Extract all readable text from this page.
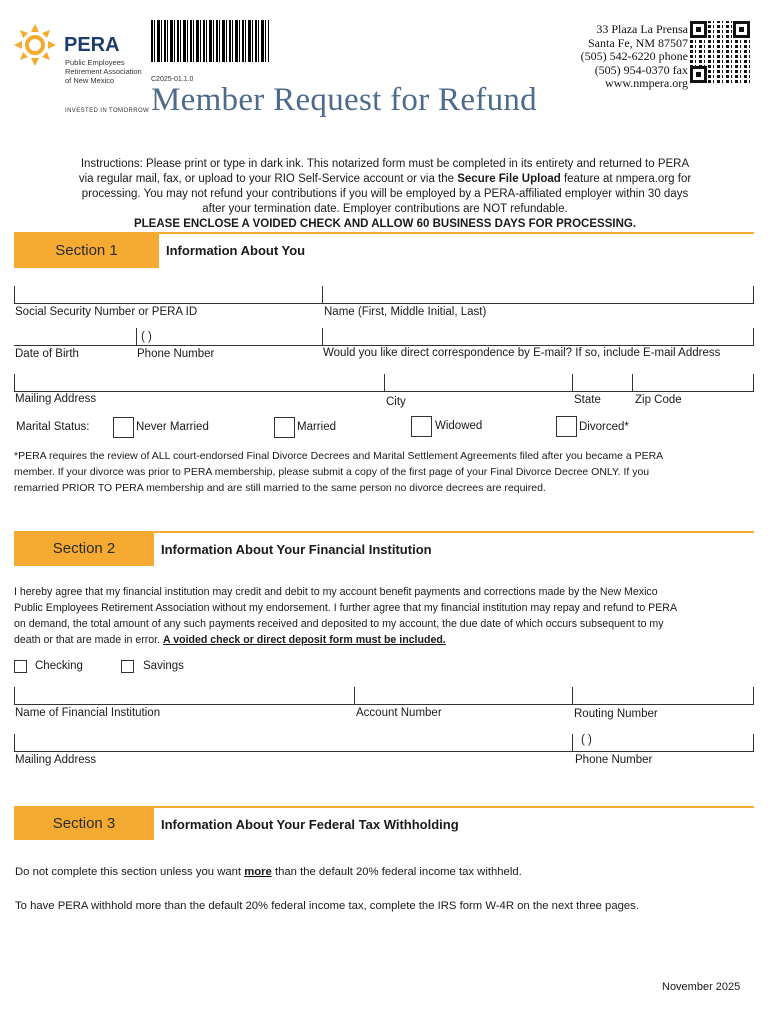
PERA
Public Employees
Retirement Association
of New Mexico
INVESTED IN TOMORROW
C2025-01.1.0
Member Request for Refund
33 Plaza La Prensa
Santa Fe, NM 87507
(505) 542-6220 phone
(505) 954-0370 fax
www.nmpera.org
Instructions: Please print or type in dark ink. This notarized form must be completed in its entirety and returned to PERA
via regular mail, fax, or upload to your RIO Self-Service account or via the Secure File Upload feature at nmpera.org for
processing. You may not refund your contributions if you will be employed by a PERA-affiliated employer within 30 days
after your termination date. Employer contributions are NOT refundable.
PLEASE ENCLOSE A VOIDED CHECK AND ALLOW 60 BUSINESS DAYS FOR PROCESSING.
Section 1	Information About You
Social Security Number or PERA ID	Name (First, Middle Initial, Last)
( )
Date of Birth	Phone Number	Would you like direct correspondence by E-mail? If so, include E-mail Address
Mailing Address	City	State	Zip Code
Marital Status:	Never Married	Married	Widowed	Divorced*
*PERA requires the review of ALL court-endorsed Final Divorce Decrees and Marital Settlement Agreements filed after you became a PERA
member. If your divorce was prior to PERA membership, please submit a copy of the first page of your Final Divorce Decree ONLY. If you
remarried PRIOR TO PERA membership and are still married to the same person no divorce decrees are required.
Section 2	Information About Your Financial Institution
I hereby agree that my financial institution may credit and debit to my account benefit payments and corrections made by the New Mexico
Public Employees Retirement Association without my endorsement. I further agree that my financial institution may repay and refund to PERA
on demand, the total amount of any such payments received and deposited to my account, the due date of which occurs subsequent to my
death or that are made in error. A voided check or direct deposit form must be included.
Checking	Savings
Name of Financial Institution	Account Number	Routing Number
( )
Mailing Address	Phone Number
Section 3	Information About Your Federal Tax Withholding
Do not complete this section unless you want more than the default 20% federal income tax withheld.
To have PERA withhold more than the default 20% federal income tax, complete the IRS form W-4R on the next three pages.
November 2025
